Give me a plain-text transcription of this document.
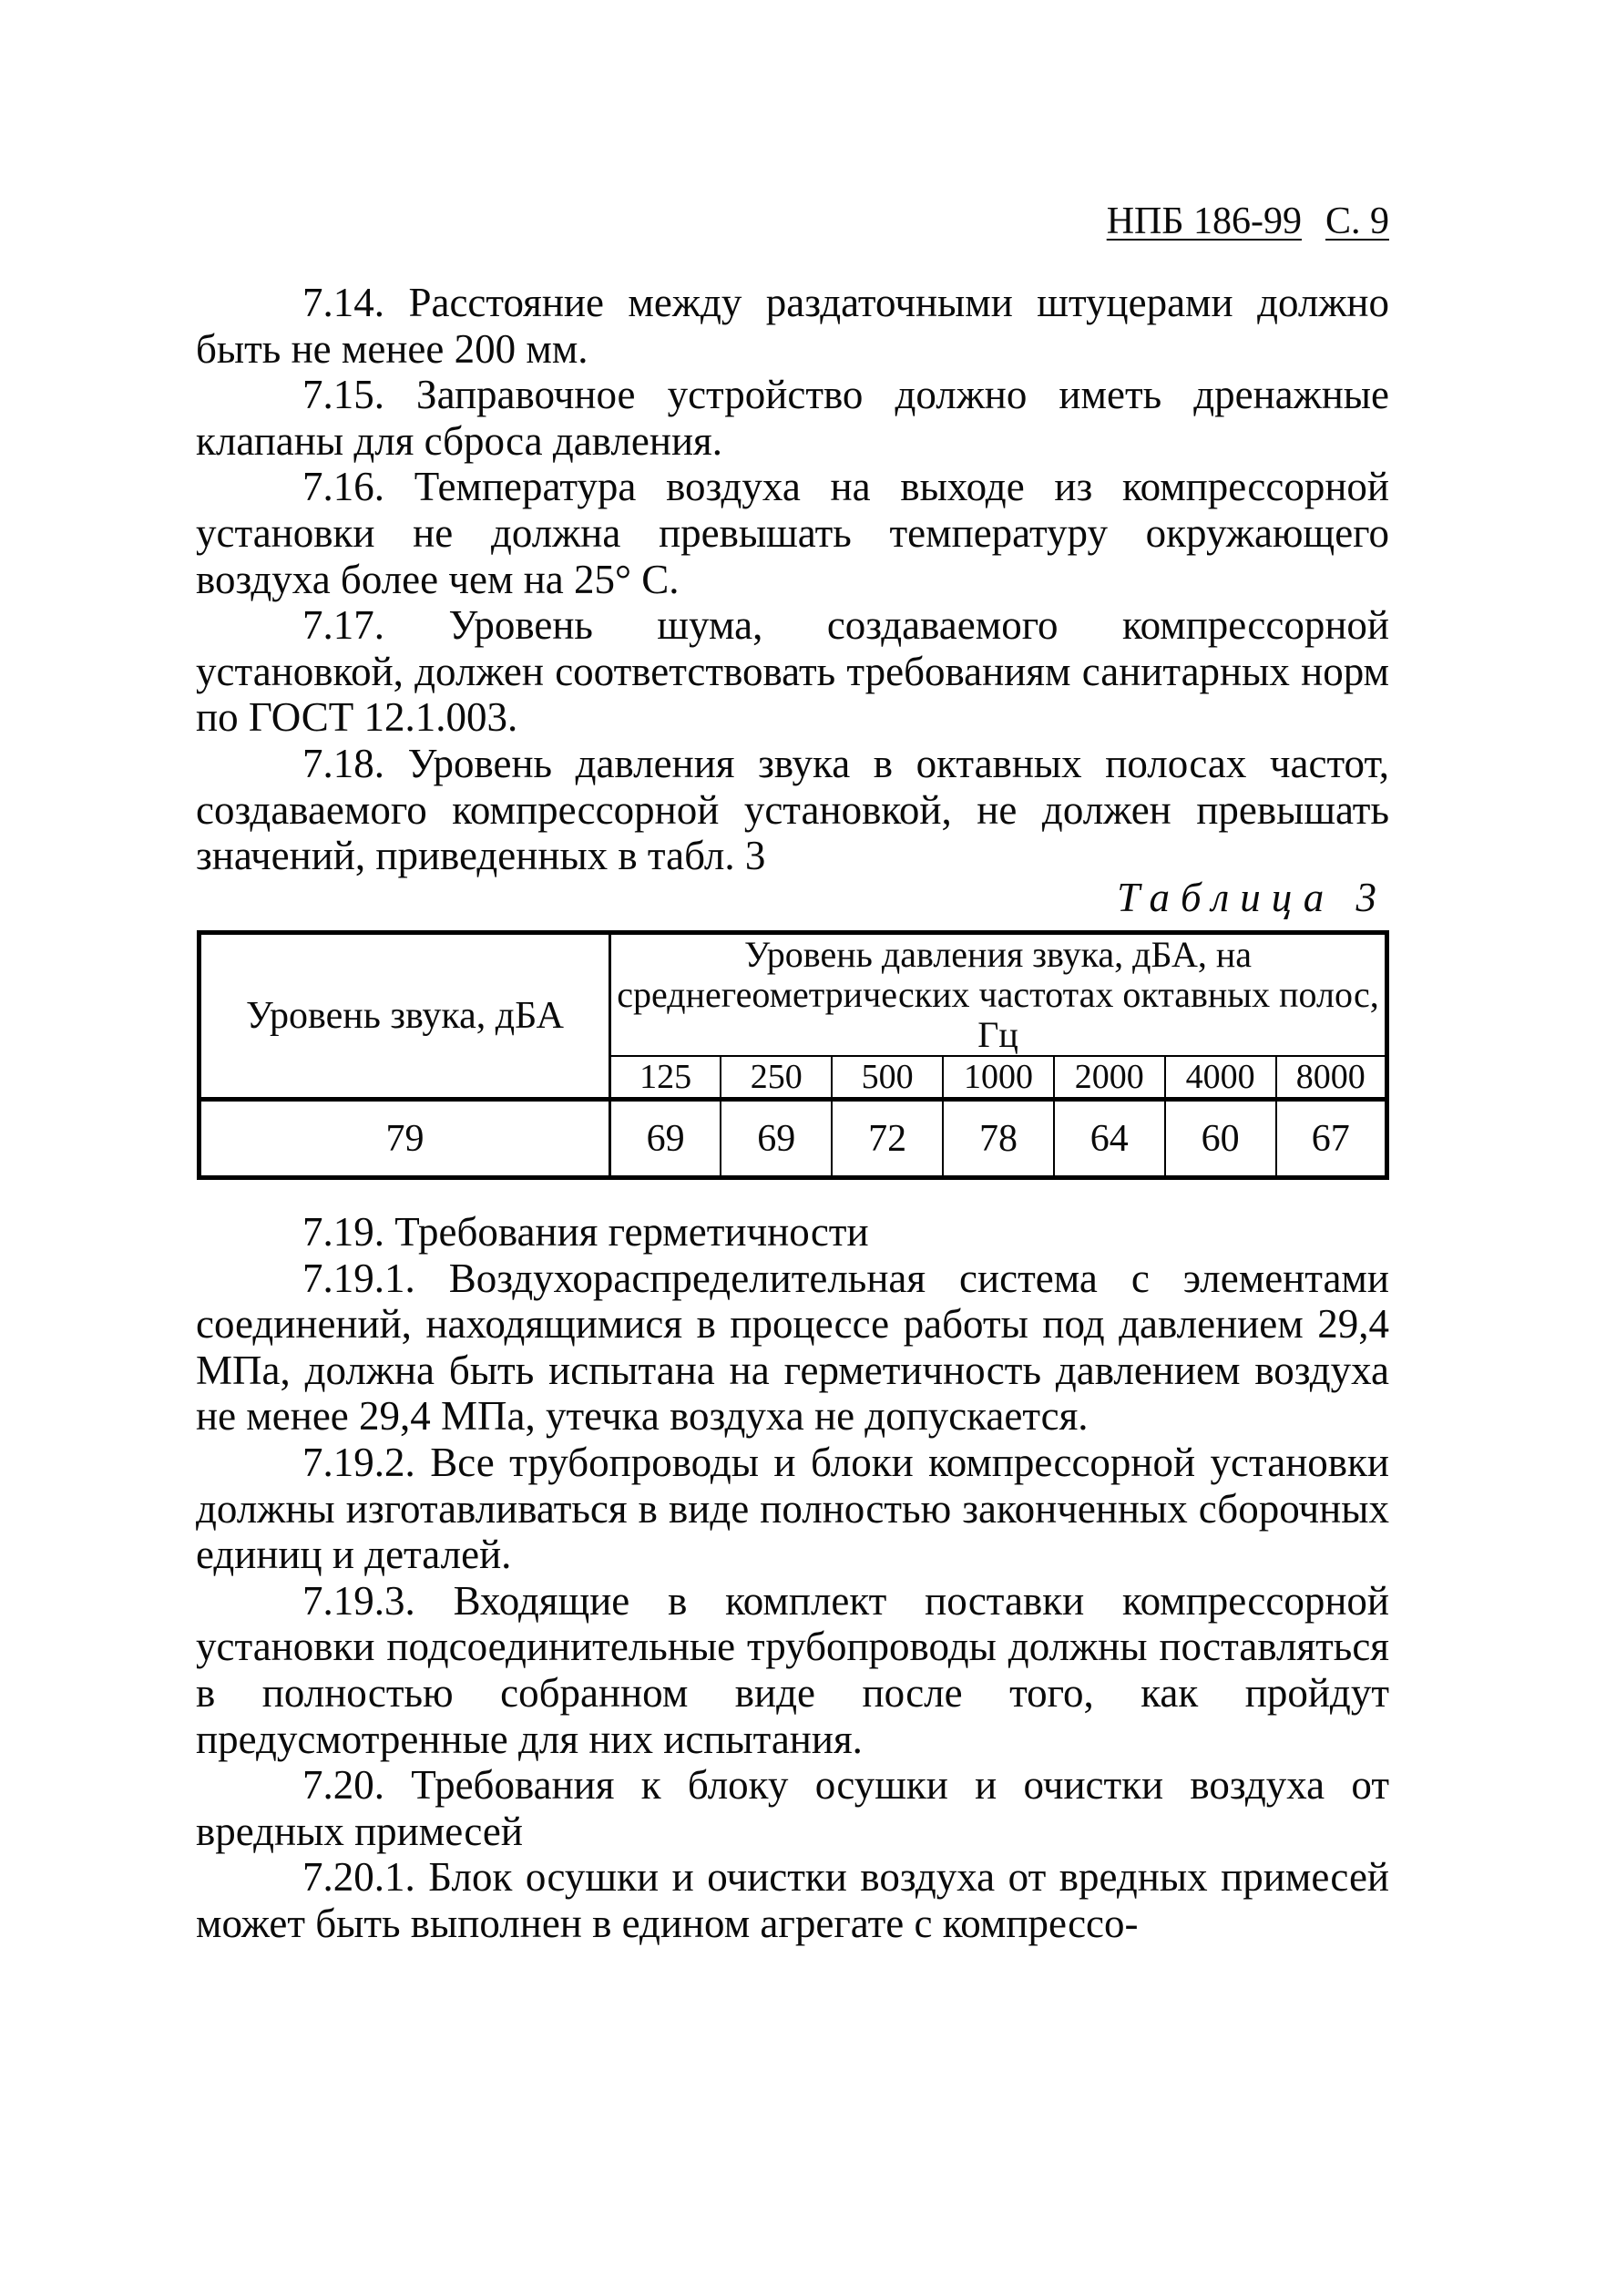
НПБ 186-99 С. 9

7.14. Расстояние между раздаточными штуцерами должно быть не менее 200 мм.

7.15. Заправочное устройство должно иметь дренажные клапаны для сброса давления.

7.16. Температура воздуха на выходе из компрессорной установки не должна превышать температуру окружающего воздуха более чем на 25° С.

7.17. Уровень шума, создаваемого компрессорной установкой, должен соответствовать требованиям санитарных норм по ГОСТ 12.1.003.

7.18. Уровень давления звука в октавных полосах частот, создаваемого компрессорной установкой, не должен превышать значений, приведенных в табл. 3

Таблица 3
Уровень звука, дБА	Уровень давления звука, дБА, на среднегеометрических частотах октавных полос, Гц						
	125	250	500	1000	2000	4000	8000
79	69	69	72	78	64	60	67

7.19. Требования герметичности

7.19.1. Воздухораспределительная система с элементами соединений, находящимися в процессе работы под давлением 29,4 МПа, должна быть испытана на герметичность давлением воздуха не менее 29,4 МПа, утечка воздуха не допускается.

7.19.2. Все трубопроводы и блоки компрессорной установки должны изготавливаться в виде полностью законченных сборочных единиц и деталей.

7.19.3. Входящие в комплект поставки компрессорной установки подсоединительные трубопроводы должны поставляться в полностью собранном виде после того, как пройдут предусмотренные для них испытания.

7.20. Требования к блоку осушки и очистки воздуха от вредных примесей

7.20.1. Блок осушки и очистки воздуха от вредных примесей может быть выполнен в едином агрегате с компрессо-
